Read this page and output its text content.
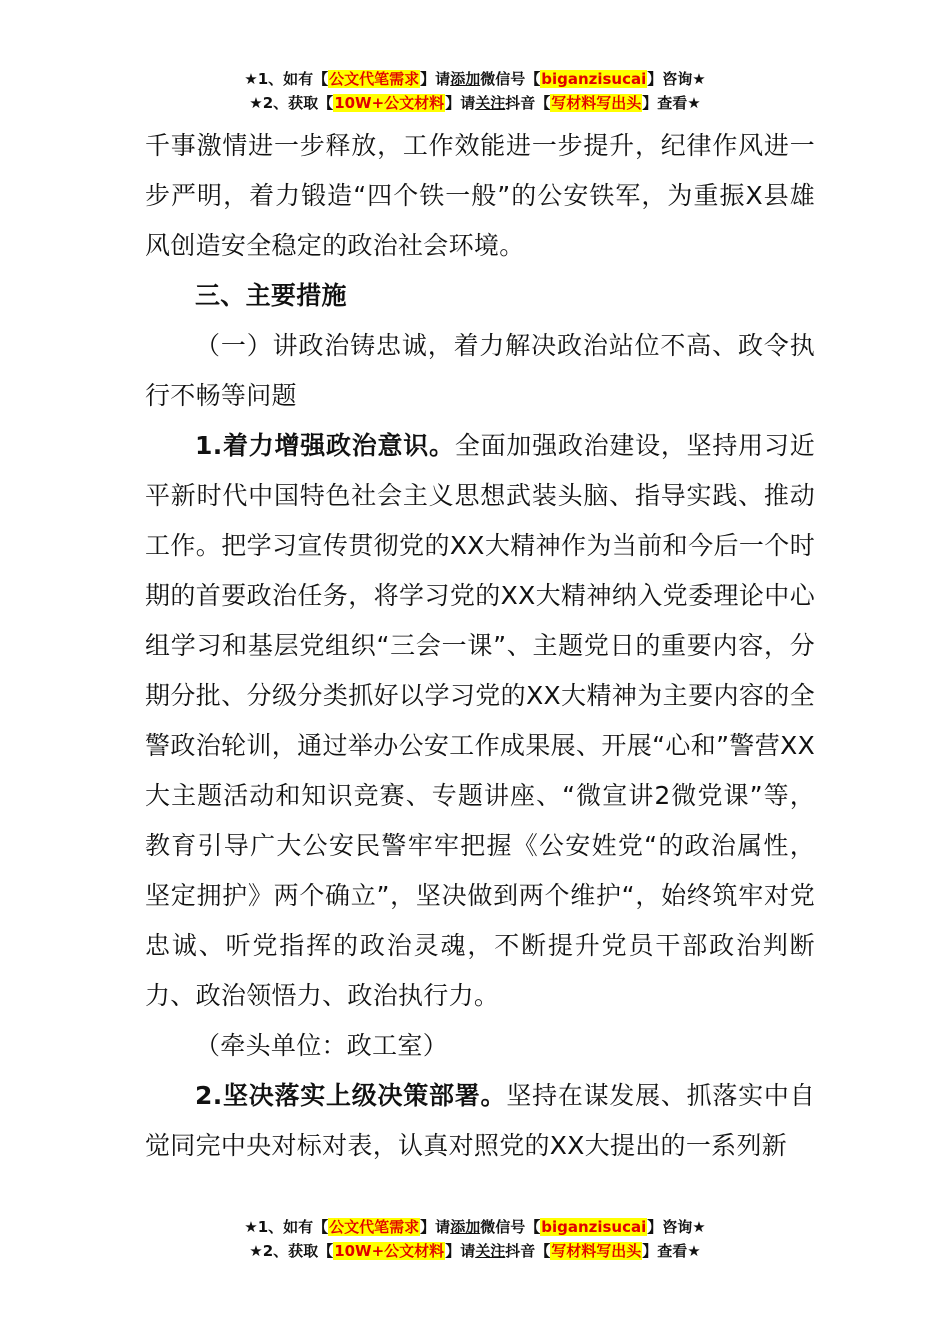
★1、如有【公文代笔需求】请添加微信号【biganzisucai】咨询★
★2、获取【10W+公文材料】请关注抖音【写材料写出头】查看★

千事激情进一步释放，工作效能进一步提升，纪律作风进一步严明，着力锻造“四个铁一般”的公安铁军，为重振X县雄风创造安全稳定的政治社会环境。

三、主要措施

（一）讲政治铸忠诚，着力解决政治站位不高、政令执行不畅等问题

1.着力增强政治意识。全面加强政治建设，坚持用习近平新时代中国特色社会主义思想武装头脑、指导实践、推动工作。把学习宣传贯彻党的XX大精神作为当前和今后一个时期的首要政治任务，将学习党的XX大精神纳入党委理论中心组学习和基层党组织“三会一课”、主题党日的重要内容，分期分批、分级分类抓好以学习党的XX大精神为主要内容的全警政治轮训，通过举办公安工作成果展、开展“心和”警营XX大主题活动和知识竞赛、专题讲座、“微宣讲2微党课”等，教育引导广大公安民警牢牢把握《公安姓党“的政治属性，坚定拥护》两个确立”，坚决做到两个维护“，始终筑牢对党忠诚、听党指挥的政治灵魂，不断提升党员干部政治判断力、政治领悟力、政治执行力。

（牵头单位：政工室）

2.坚决落实上级决策部署。坚持在谋发展、抓落实中自觉同完中央对标对表，认真对照党的XX大提出的一系列新

★1、如有【公文代笔需求】请添加微信号【biganzisucai】咨询★
★2、获取【10W+公文材料】请关注抖音【写材料写出头】查看★
